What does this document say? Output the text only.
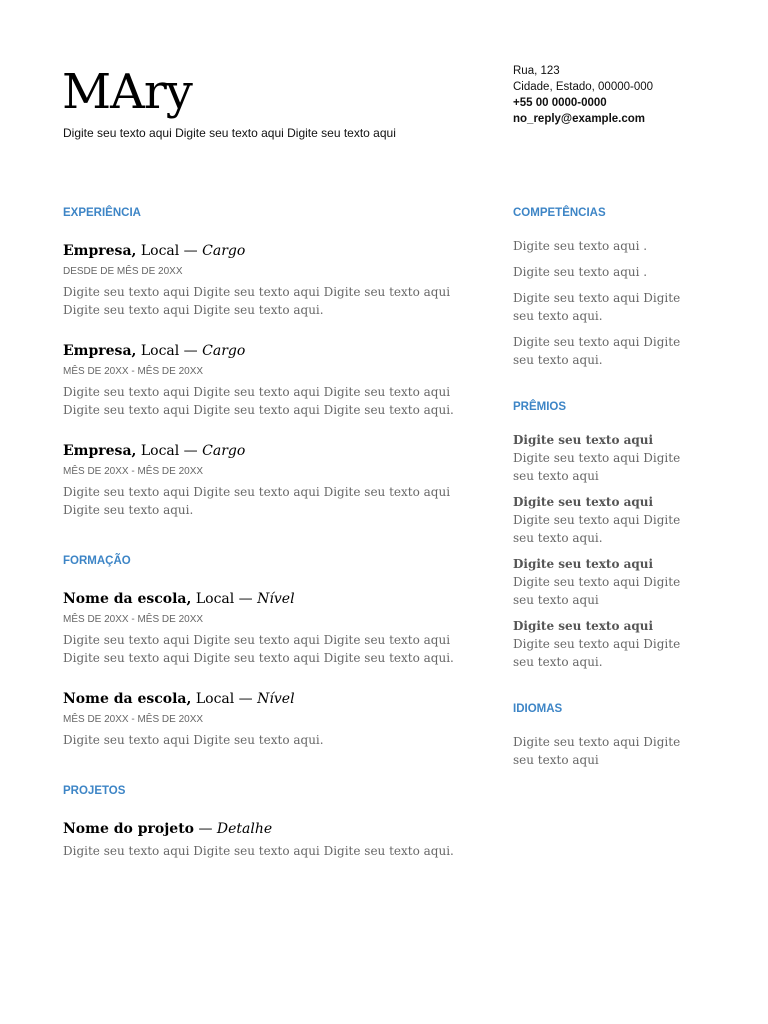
MAry

Digite seu texto aqui Digite seu texto aqui Digite seu texto aqui

Rua, 123
Cidade, Estado, 00000-000
+55 00 0000-0000
no_reply@example.com
EXPERIÊNCIA
Empresa, Local — Cargo
DESDE DE MÊS DE 20XX
Digite seu texto aqui Digite seu texto aqui Digite seu texto aqui Digite seu texto aqui Digite seu texto aqui.
Empresa, Local — Cargo
MÊS DE 20XX - MÊS DE 20XX
Digite seu texto aqui Digite seu texto aqui Digite seu texto aqui Digite seu texto aqui Digite seu texto aqui Digite seu texto aqui.
Empresa, Local — Cargo
MÊS DE 20XX - MÊS DE 20XX
Digite seu texto aqui Digite seu texto aqui Digite seu texto aqui Digite seu texto aqui.
FORMAÇÃO
Nome da escola, Local — Nível
MÊS DE 20XX - MÊS DE 20XX
Digite seu texto aqui Digite seu texto aqui Digite seu texto aqui Digite seu texto aqui Digite seu texto aqui Digite seu texto aqui.
Nome da escola, Local — Nível
MÊS DE 20XX - MÊS DE 20XX
Digite seu texto aqui Digite seu texto aqui.
PROJETOS
Nome do projeto — Detalhe
Digite seu texto aqui Digite seu texto aqui Digite seu texto aqui.
COMPETÊNCIAS
Digite seu texto aqui .
Digite seu texto aqui .
Digite seu texto aqui Digite seu texto aqui.
Digite seu texto aqui Digite seu texto aqui.
PRÊMIOS
Digite seu texto aqui Digite seu texto aqui Digite seu texto aqui
Digite seu texto aqui Digite seu texto aqui Digite seu texto aqui.
Digite seu texto aqui Digite seu texto aqui Digite seu texto aqui
Digite seu texto aqui Digite seu texto aqui Digite seu texto aqui.
IDIOMAS
Digite seu texto aqui Digite seu texto aqui
